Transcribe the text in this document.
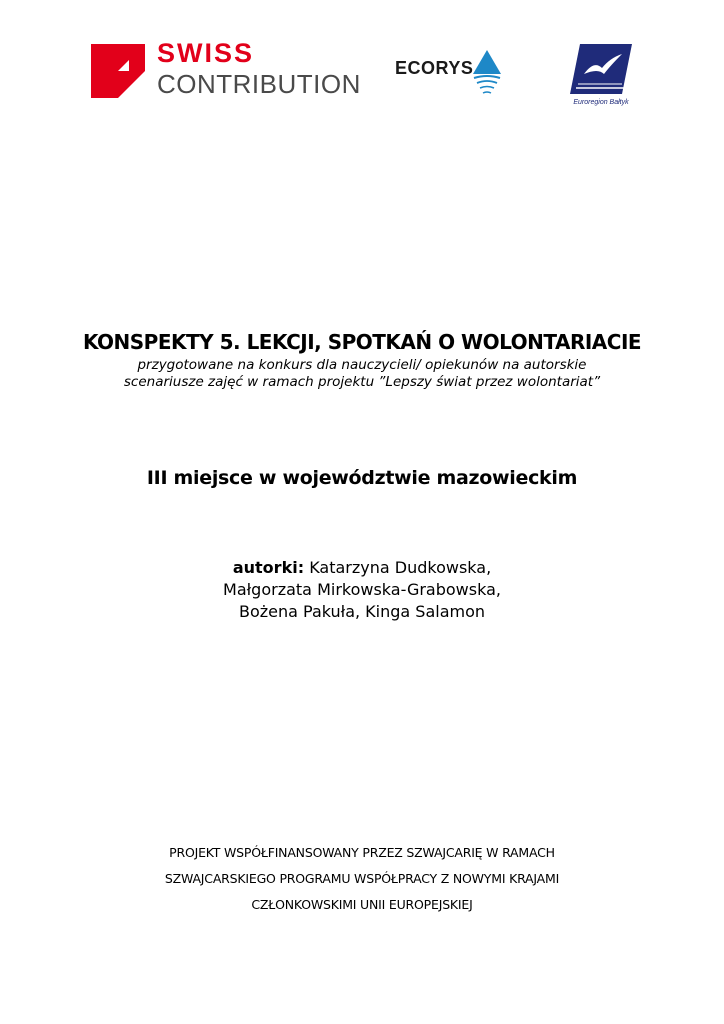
SWISS
CONTRIBUTION
ECORYS
Euroregion Bałtyk
KONSPEKTY 5. LEKCJI, SPOTKAŃ O WOLONTARIACIE

przygotowane na konkurs dla nauczycieli/ opiekunów na autorskie
scenariusze zajęć w ramach projektu ”Lepszy świat przez wolontariat”

III miejsce w województwie mazowieckim
autorki: Katarzyna Dudkowska,
Małgorzata Mirkowska-Grabowska,
Bożena Pakuła, Kinga Salamon
PROJEKT WSPÓŁFINANSOWANY PRZEZ SZWAJCARIĘ W RAMACH
SZWAJCARSKIEGO PROGRAMU WSPÓŁPRACY Z NOWYMI KRAJAMI
CZŁONKOWSKIMI UNII EUROPEJSKIEJ
